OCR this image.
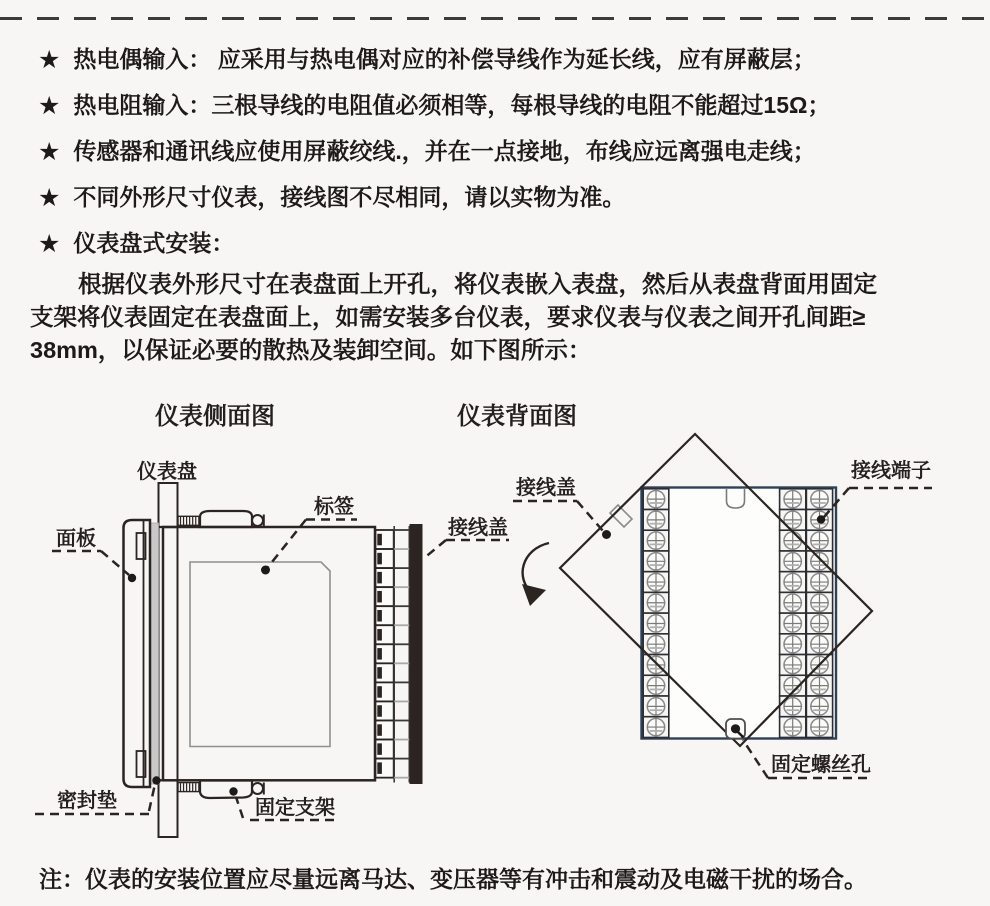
★ 热电偶输入： 应采用与热电偶对应的补偿导线作为延长线，应有屏蔽层；
★ 热电阻输入：三根导线的电阻值必须相等，每根导线的电阻不能超过15Ω；
★ 传感器和通讯线应使用屏蔽绞线.，并在一点接地，布线应远离强电走线；
★ 不同外形尺寸仪表，接线图不尽相同，请以实物为准。
★ 仪表盘式安装：
根据仪表外形尺寸在表盘面上开孔，将仪表嵌入表盘，然后从表盘背面用固定
支架将仪表固定在表盘面上，如需安装多台仪表，要求仪表与仪表之间开孔间距≥
38mm，以保证必要的散热及装卸空间。如下图所示：
仪表侧面图	仪表背面图
仪表盘
面板
标签
接线盖
密封垫	固定支架
接线盖
接线端子
固定螺丝孔
注：仪表的安装位置应尽量远离马达、变压器等有冲击和震动及电磁干扰的场合。
